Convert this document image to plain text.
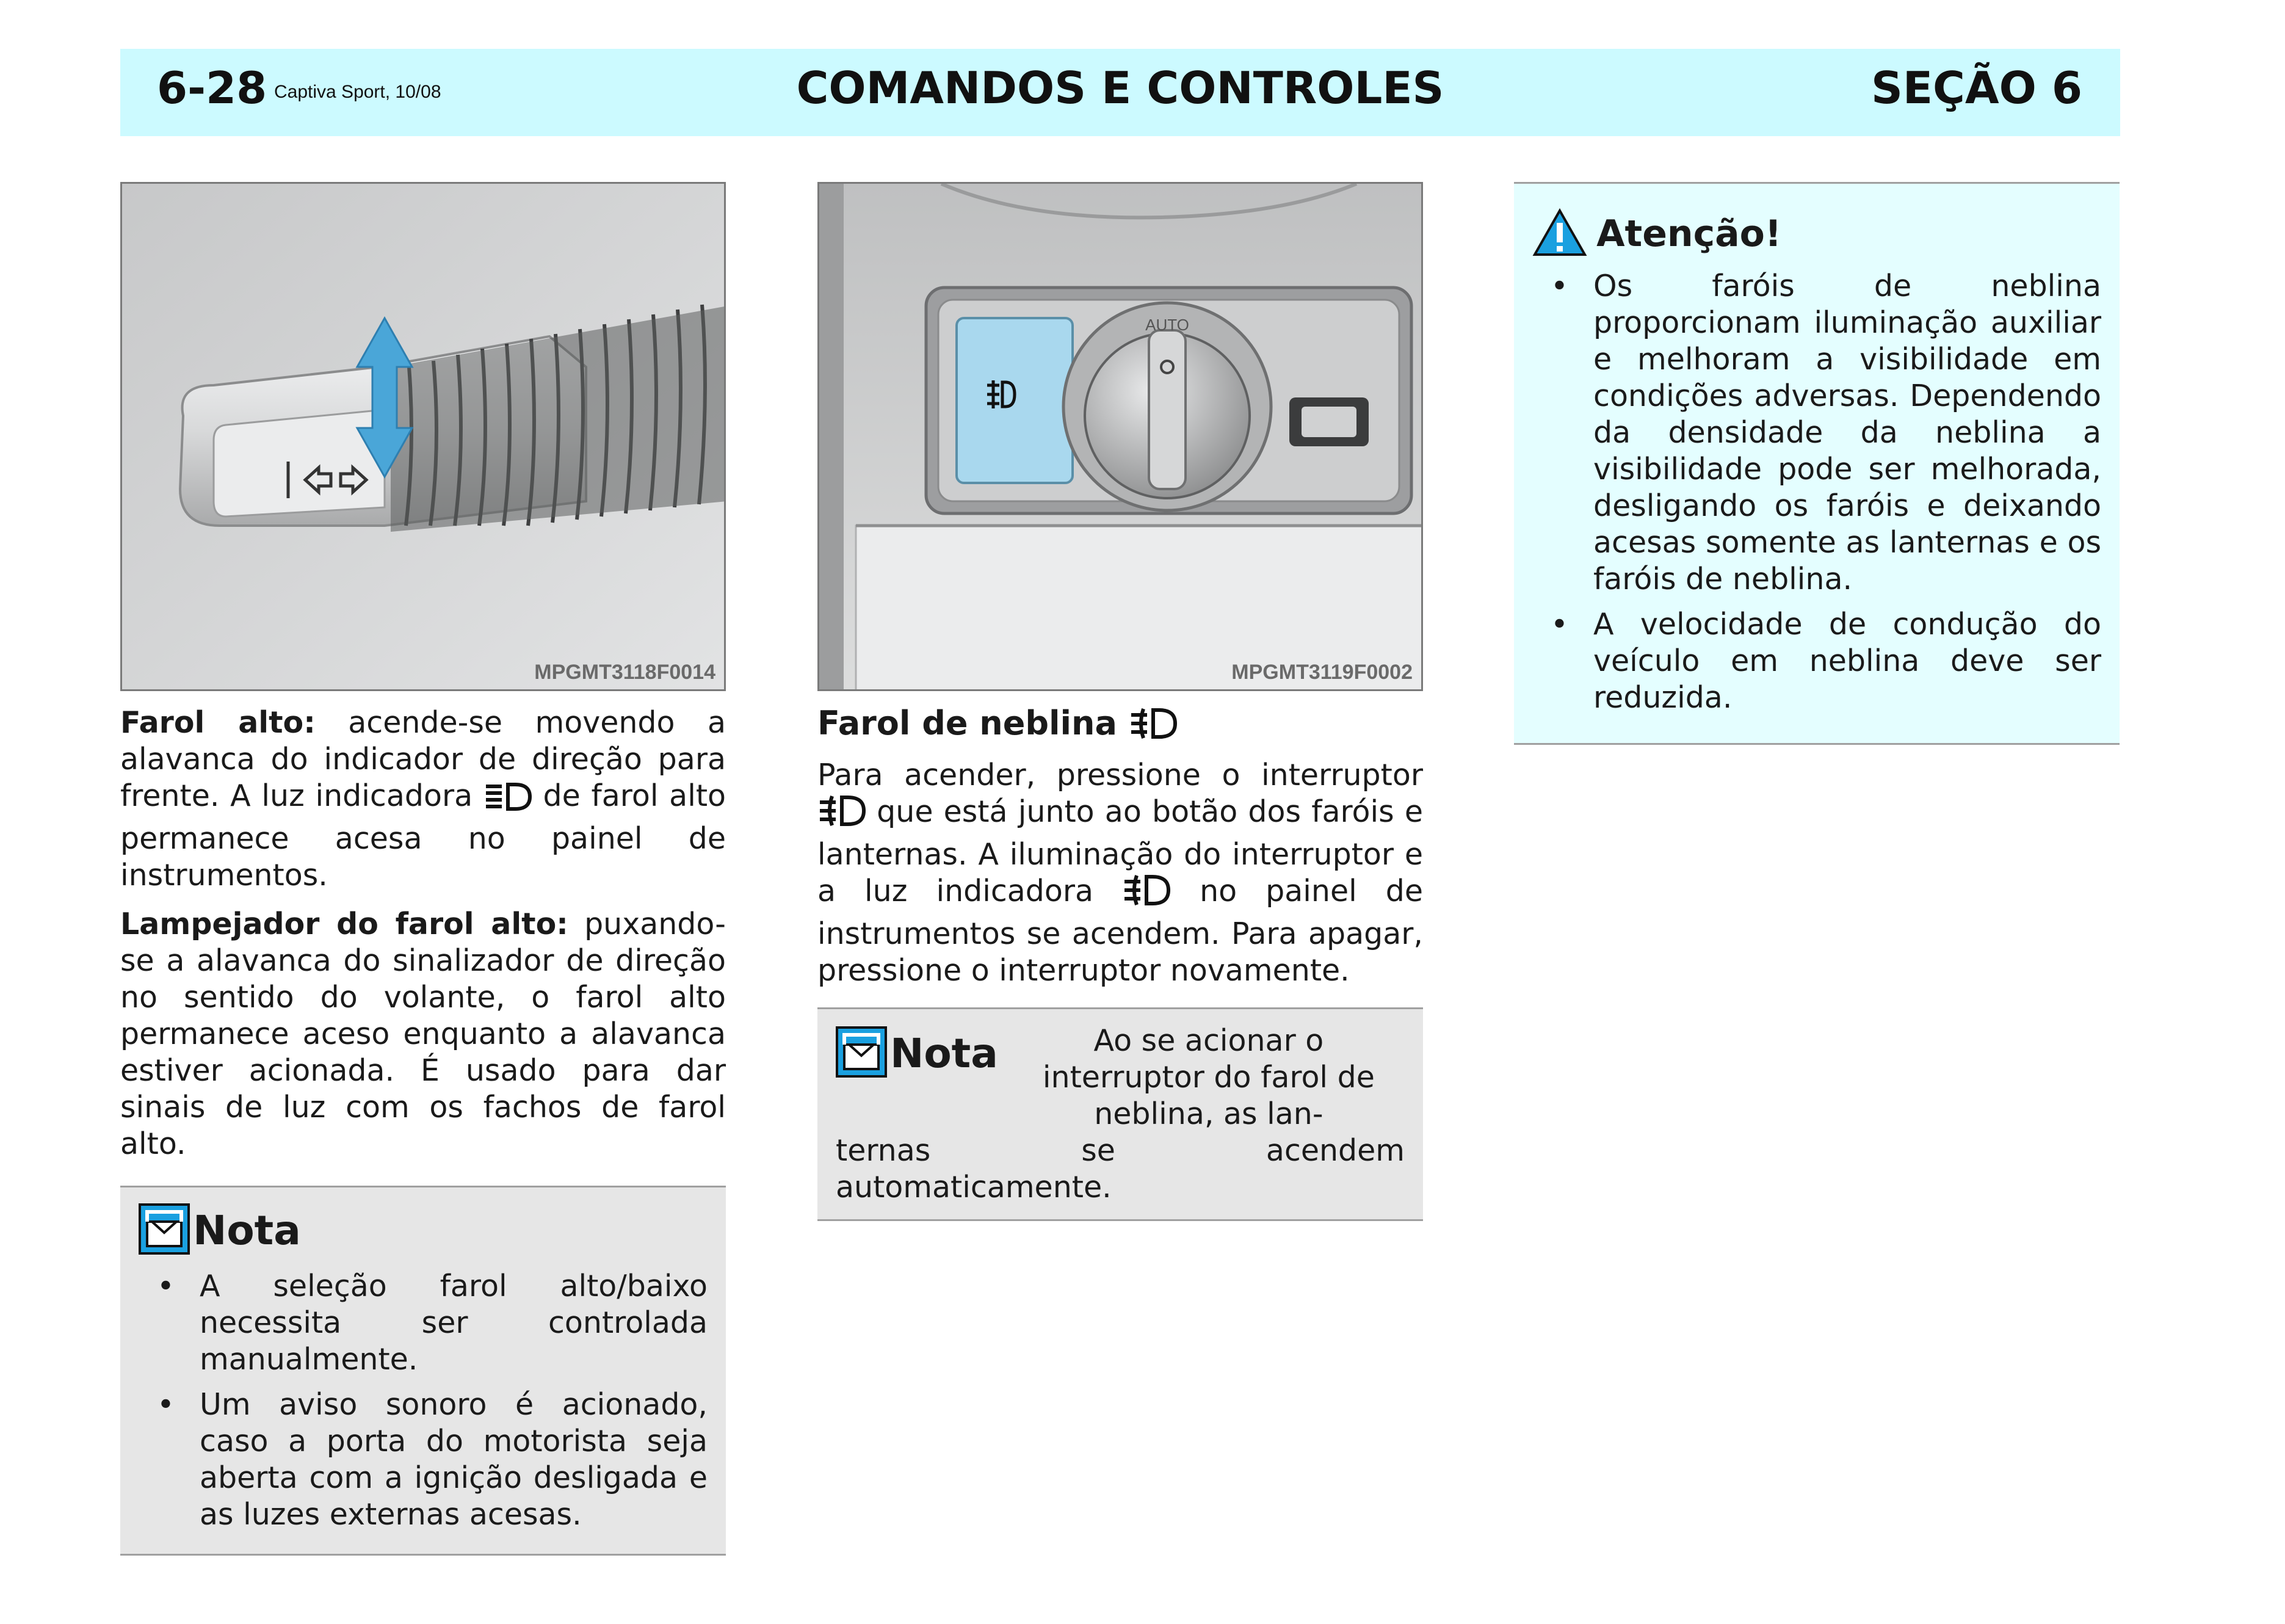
6-28 Captiva Sport, 10/08	COMANDOS E CONTROLES	SEÇÃO 6
MPGMT3118F0014

Farol alto: acende-se movendo a alavanca do indicador de direção para frente. A luz indicadora  de farol alto permanece acesa no painel de instrumentos.

Lampejador do farol alto: puxando-se a alavanca do sinalizador de direção no sentido do volante, o farol alto permanece aceso enquanto a alavanca estiver acionada. É usado para dar sinais de luz com os fachos de farol alto.

Nota
• A seleção farol alto/baixo necessita ser controlada manualmente.
• Um aviso sonoro é acionado, caso a porta do motorista seja aberta com a ignição desligada e as luzes externas acesas.
AUTO
MPGMT3119F0002
Farol de neblina

Para acender, pressione o interruptor  que está junto ao botão dos faróis e lanternas. A iluminação do interruptor e a luz indicadora  no painel de instrumentos se acendem. Para apagar, pressione o interruptor novamente.

Nota	Ao se acionar o interruptor do farol de neblina, as lan-
ternas se acendem automaticamente.
Atenção!
• Os faróis de neblina proporcionam iluminação auxiliar e melhoram a visibilidade em condições adversas. Dependendo da densidade da neblina a visibilidade pode ser melhorada, desligando os faróis e deixando acesas somente as lanternas e os faróis de neblina.
• A velocidade de condução do veículo em neblina deve ser reduzida.
